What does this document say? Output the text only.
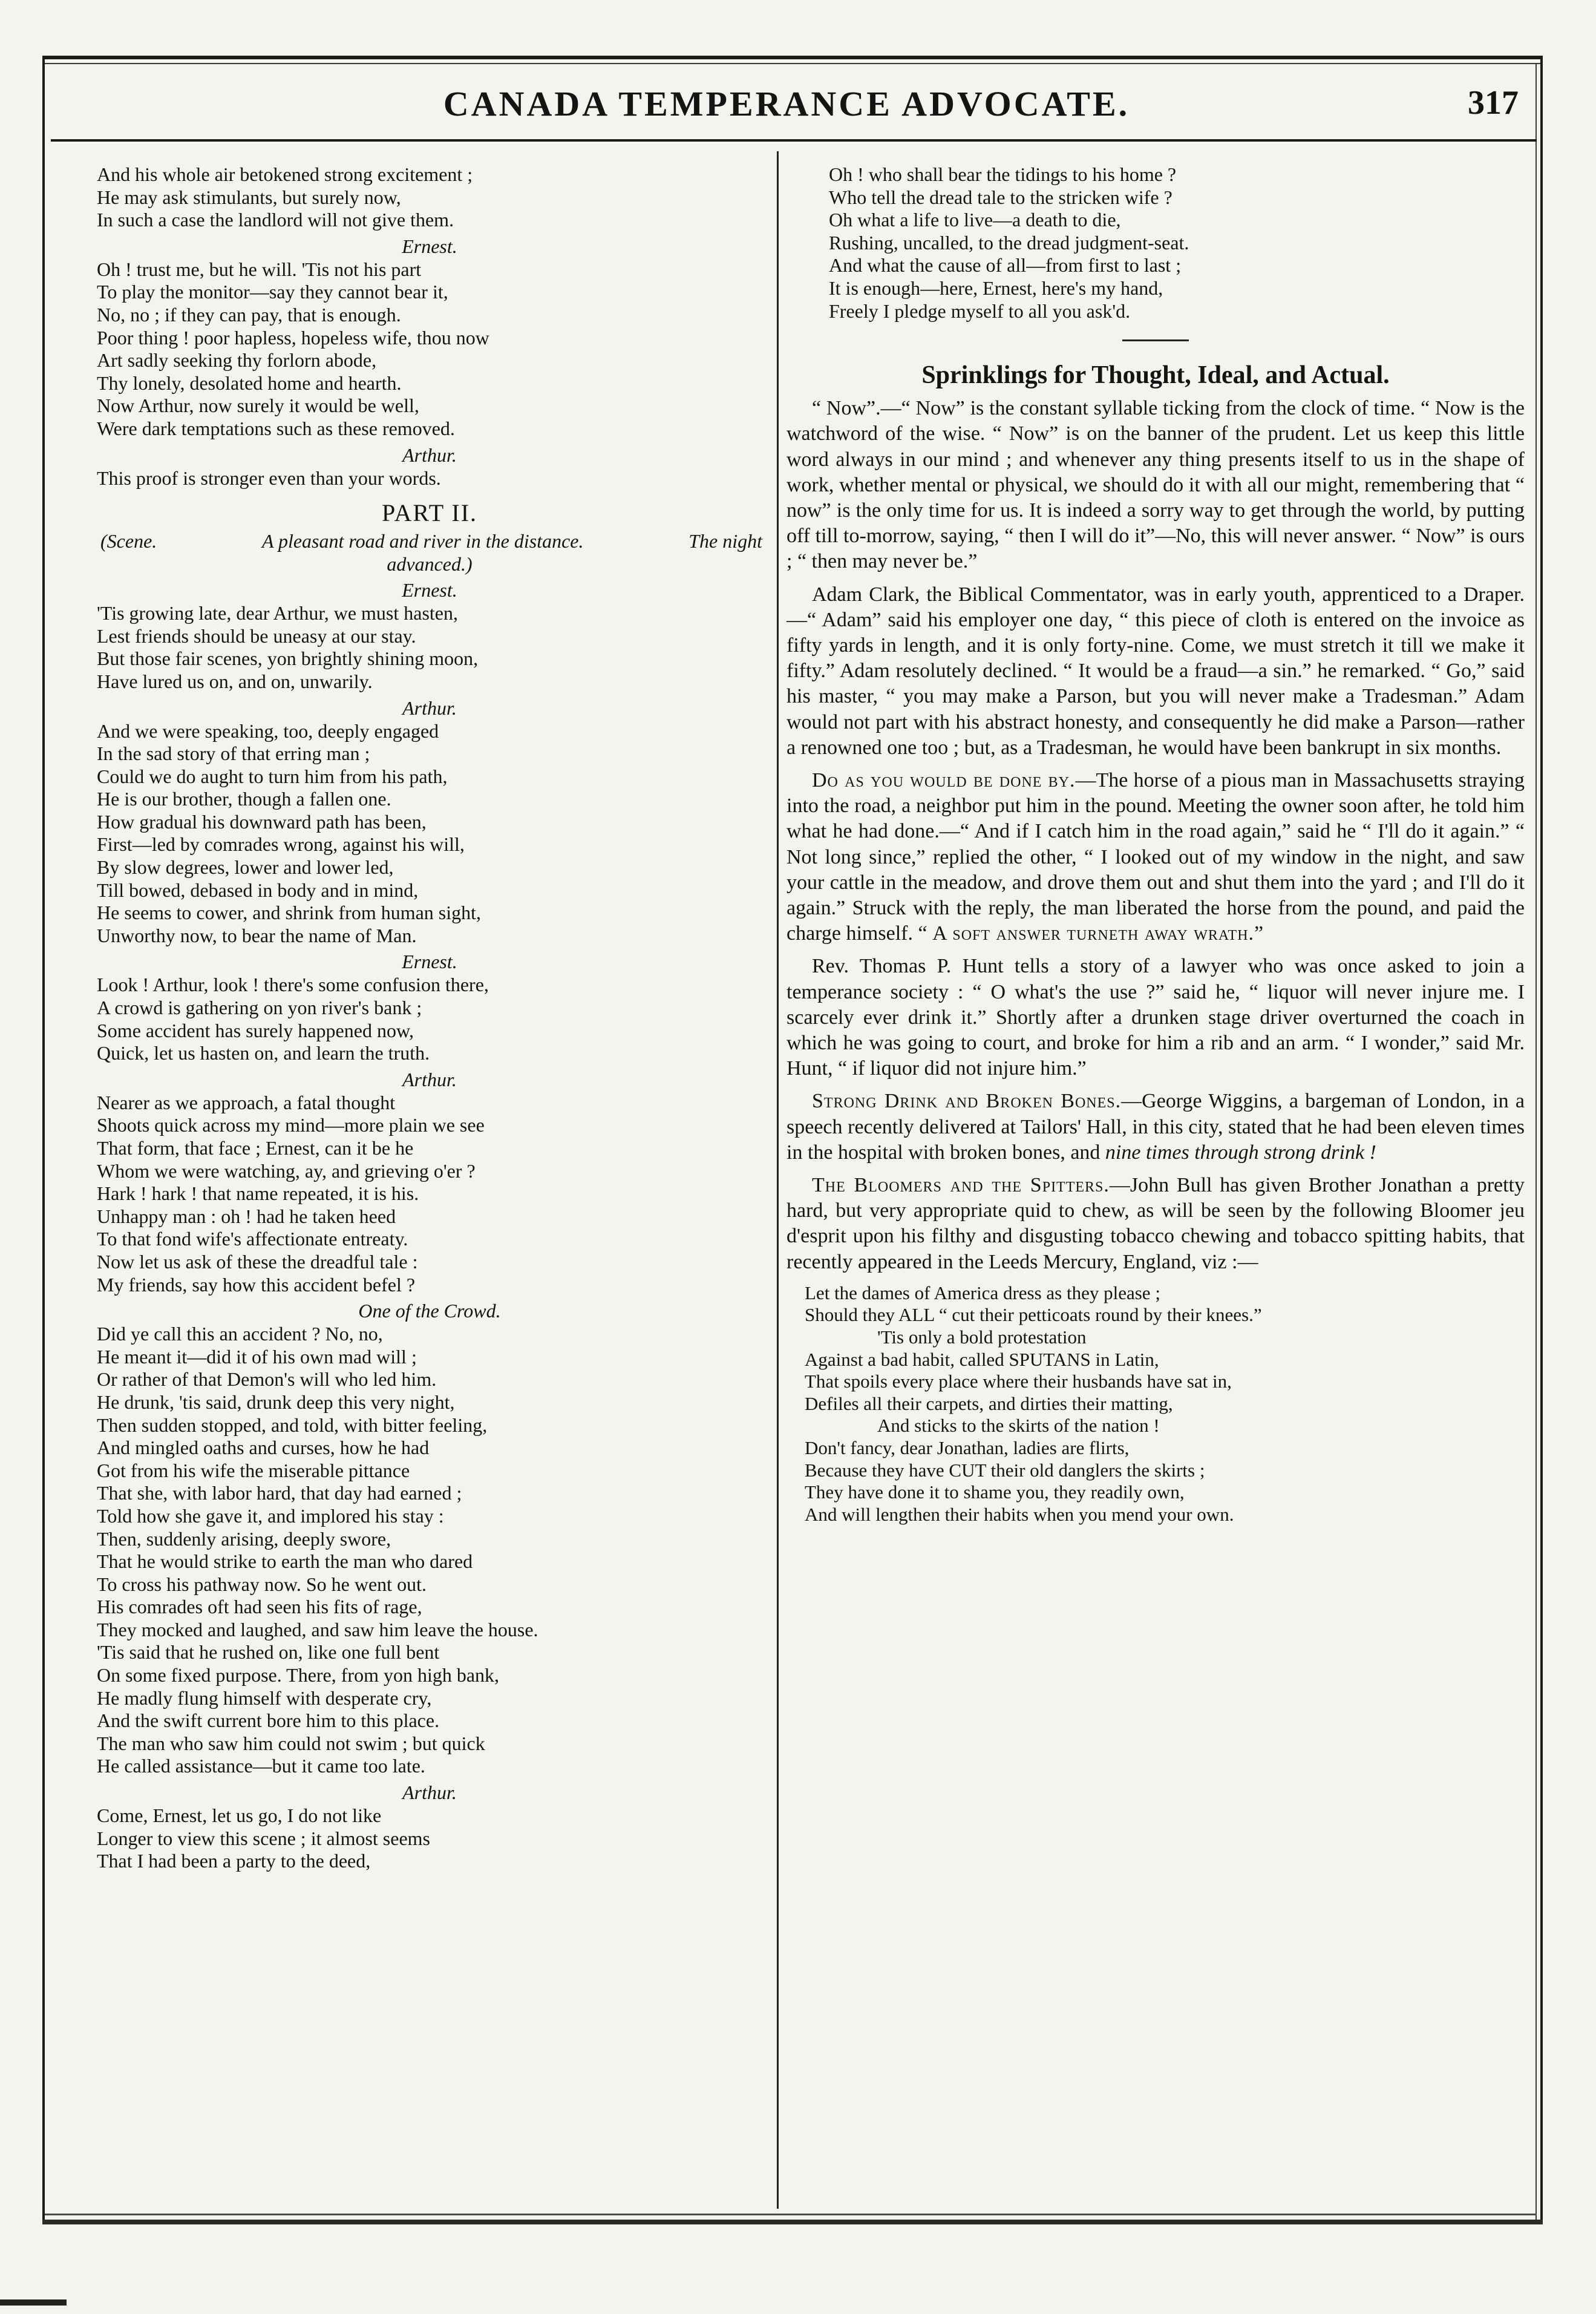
CANADA TEMPERANCE ADVOCATE.	317
And his whole air betokened strong excitement ;
He may ask stimulants, but surely now,
In such a case the landlord will not give them.
Ernest.
Oh ! trust me, but he will. 'Tis not his part
To play the monitor—say they cannot bear it,
No, no ; if they can pay, that is enough.
Poor thing ! poor hapless, hopeless wife, thou now
Art sadly seeking thy forlorn abode,
Thy lonely, desolated home and hearth.
Now Arthur, now surely it would be well,
Were dark temptations such as these removed.
Arthur.
This proof is stronger even than your words.
PART II.
(Scene.	A pleasant road and river in the distance.	The night
advanced.)
Ernest.
'Tis growing late, dear Arthur, we must hasten,
Lest friends should be uneasy at our stay.
But those fair scenes, yon brightly shining moon,
Have lured us on, and on, unwarily.
Arthur.
And we were speaking, too, deeply engaged
In the sad story of that erring man ;
Could we do aught to turn him from his path,
He is our brother, though a fallen one.
How gradual his downward path has been,
First—led by comrades wrong, against his will,
By slow degrees, lower and lower led,
Till bowed, debased in body and in mind,
He seems to cower, and shrink from human sight,
Unworthy now, to bear the name of Man.
Ernest.
Look ! Arthur, look ! there's some confusion there,
A crowd is gathering on yon river's bank ;
Some accident has surely happened now,
Quick, let us hasten on, and learn the truth.
Arthur.
Nearer as we approach, a fatal thought
Shoots quick across my mind—more plain we see
That form, that face ; Ernest, can it be he
Whom we were watching, ay, and grieving o'er ?
Hark ! hark ! that name repeated, it is his.
Unhappy man : oh ! had he taken heed
To that fond wife's affectionate entreaty.
Now let us ask of these the dreadful tale :
My friends, say how this accident befel ?
One of the Crowd.
Did ye call this an accident ? No, no,
He meant it—did it of his own mad will ;
Or rather of that Demon's will who led him.
He drunk, 'tis said, drunk deep this very night,
Then sudden stopped, and told, with bitter feeling,
And mingled oaths and curses, how he had
Got from his wife the miserable pittance
That she, with labor hard, that day had earned ;
Told how she gave it, and implored his stay :
Then, suddenly arising, deeply swore,
That he would strike to earth the man who dared
To cross his pathway now. So he went out.
His comrades oft had seen his fits of rage,
They mocked and laughed, and saw him leave the house.
'Tis said that he rushed on, like one full bent
On some fixed purpose. There, from yon high bank,
He madly flung himself with desperate cry,
And the swift current bore him to this place.
The man who saw him could not swim ; but quick
He called assistance—but it came too late.
Arthur.
Come, Ernest, let us go, I do not like
Longer to view this scene ; it almost seems
That I had been a party to the deed,
Oh ! who shall bear the tidings to his home ?
Who tell the dread tale to the stricken wife ?
Oh what a life to live—a death to die,
Rushing, uncalled, to the dread judgment-seat.
And what the cause of all—from first to last ;
It is enough—here, Ernest, here's my hand,
Freely I pledge myself to all you ask'd.
Sprinklings for Thought, Ideal, and Actual.
“ Now”.—“ Now” is the constant syllable ticking from the clock of time. “ Now is the watchword of the wise. “ Now” is on the banner of the prudent. Let us keep this little word always in our mind ; and whenever any thing presents itself to us in the shape of work, whether mental or physical, we should do it with all our might, remembering that “ now” is the only time for us. It is indeed a sorry way to get through the world, by putting off till to-morrow, saying, “ then I will do it”—No, this will never answer. “ Now” is ours ; “ then may never be.”
Adam Clark, the Biblical Commentator, was in early youth, apprenticed to a Draper.—“ Adam” said his employer one day, “ this piece of cloth is entered on the invoice as fifty yards in length, and it is only forty-nine. Come, we must stretch it till we make it fifty.” Adam resolutely declined. “ It would be a fraud—a sin.” he remarked. “ Go,” said his master, “ you may make a Parson, but you will never make a Tradesman.” Adam would not part with his abstract honesty, and consequently he did make a Parson—rather a renowned one too ; but, as a Tradesman, he would have been bankrupt in six months.
Do as you would be done by.—The horse of a pious man in Massachusetts straying into the road, a neighbor put him in the pound. Meeting the owner soon after, he told him what he had done.—“ And if I catch him in the road again,” said he “ I'll do it again.” “ Not long since,” replied the other, “ I looked out of my window in the night, and saw your cattle in the meadow, and drove them out and shut them into the yard ; and I'll do it again.” Struck with the reply, the man liberated the horse from the pound, and paid the charge himself. “ A soft answer turneth away wrath.”
Rev. Thomas P. Hunt tells a story of a lawyer who was once asked to join a temperance society : “ O what's the use ?” said he, “ liquor will never injure me. I scarcely ever drink it.” Shortly after a drunken stage driver overturned the coach in which he was going to court, and broke for him a rib and an arm. “ I wonder,” said Mr. Hunt, “ if liquor did not injure him.”
Strong Drink and Broken Bones.—George Wiggins, a bargeman of London, in a speech recently delivered at Tailors' Hall, in this city, stated that he had been eleven times in the hospital with broken bones, and nine times through strong drink !
The Bloomers and the Spitters.—John Bull has given Brother Jonathan a pretty hard, but very appropriate quid to chew, as will be seen by the following Bloomer jeu d'esprit upon his filthy and disgusting tobacco chewing and tobacco spitting habits, that recently appeared in the Leeds Mercury, England, viz :—
Let the dames of America dress as they please ;
Should they ALL “ cut their petticoats round by their knees.”
'Tis only a bold protestation
Against a bad habit, called SPUTANS in Latin,
That spoils every place where their husbands have sat in,
Defiles all their carpets, and dirties their matting,
And sticks to the skirts of the nation !
Don't fancy, dear Jonathan, ladies are flirts,
Because they have CUT their old danglers the skirts ;
They have done it to shame you, they readily own,
And will lengthen their habits when you mend your own.
